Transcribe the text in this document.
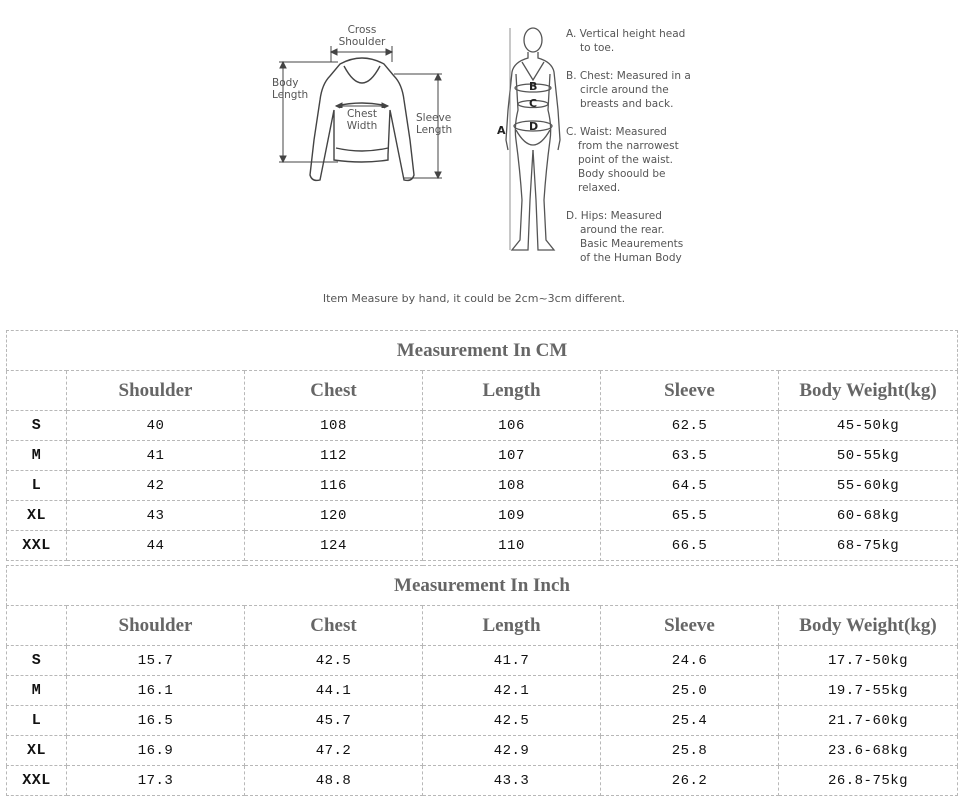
Cross
Shoulder
Body
Length
Chest
Width
Sleeve
Length	A
B
C
D
A. Vertical height head
to toe.
B. Chest: Measured in a
circle around the
breasts and back.
C. Waist: Measured
from the narrowest
point of the waist.
Body shoould be
relaxed.
D. Hips: Measured
around the rear.
Basic Meaurements
of the Human Body
Item Measure by hand, it could be 2cm~3cm different.
Measurement In CM					
	Shoulder	Chest	Length	Sleeve	Body Weight(kg)
S	40	108	106	62.5	45-50kg
M	41	112	107	63.5	50-55kg
L	42	116	108	64.5	55-60kg
XL	43	120	109	65.5	60-68kg
XXL	44	124	110	66.5	68-75kg
Measurement In Inch					
	Shoulder	Chest	Length	Sleeve	Body Weight(kg)
S	15.7	42.5	41.7	24.6	17.7-50kg
M	16.1	44.1	42.1	25.0	19.7-55kg
L	16.5	45.7	42.5	25.4	21.7-60kg
XL	16.9	47.2	42.9	25.8	23.6-68kg
XXL	17.3	48.8	43.3	26.2	26.8-75kg
